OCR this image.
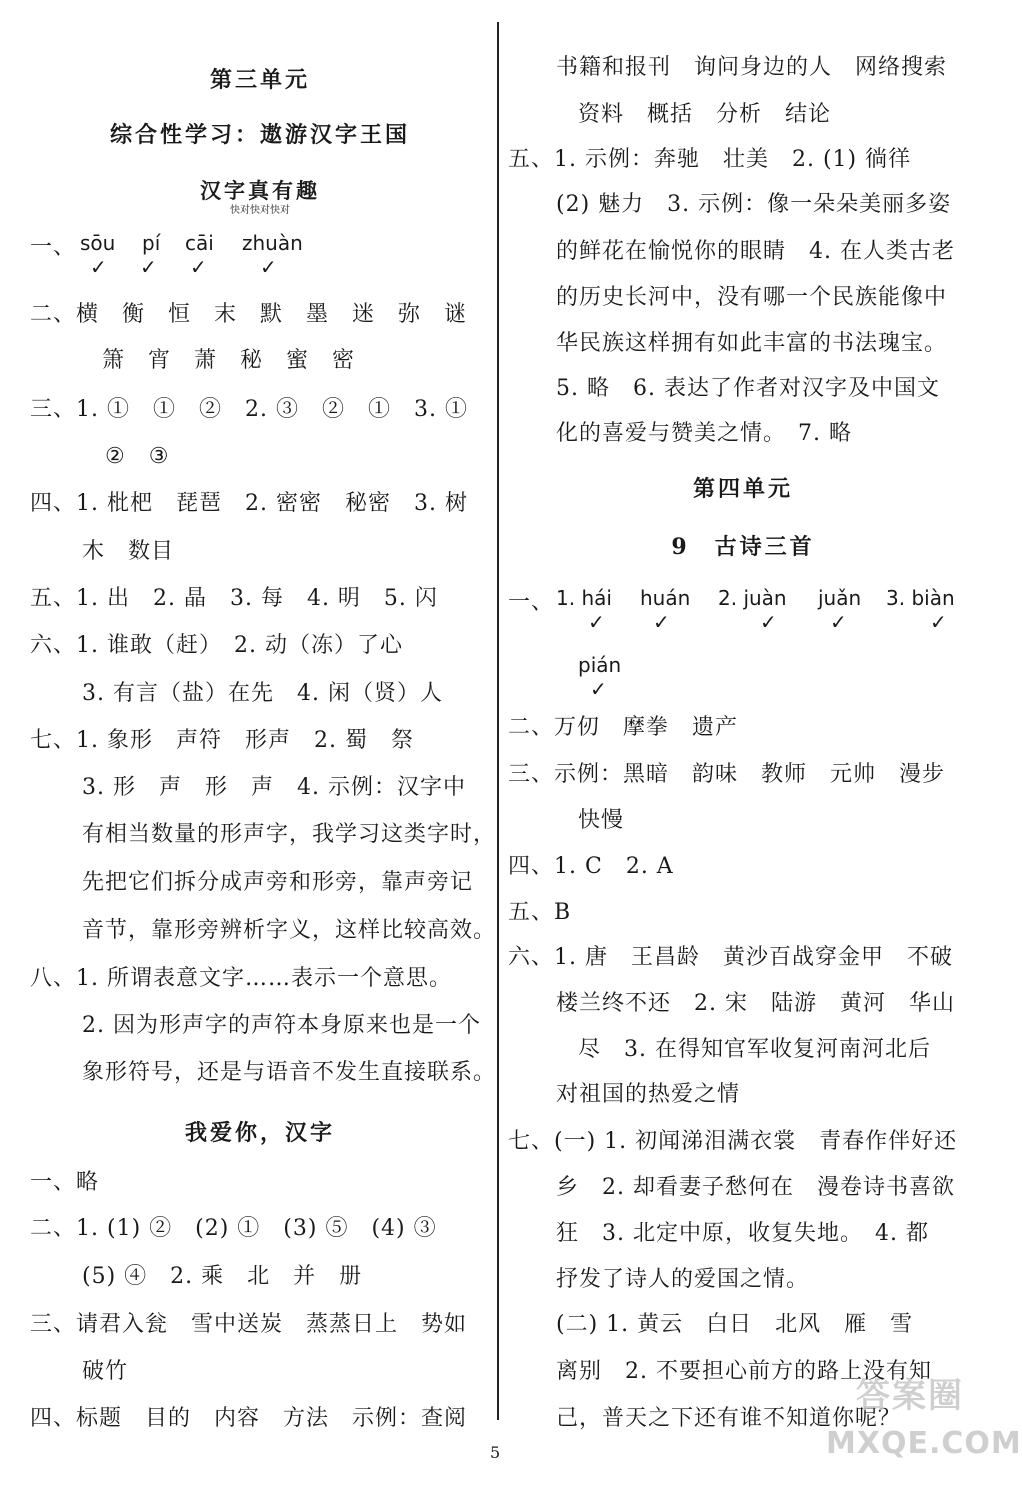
第三单元
综合性学习：遨游汉字王国
汉字真有趣
快对快对快对
一、 sōu pí cāi zhuàn
✓ ✓ ✓	✓
二、横　衡　恒　末　默　墨　迷　弥　谜
箫　宵　萧　秘　蜜　密
三、1. ①　①　②　2. ③　②　①　3. ①
②　③
四、1. 枇杷　琵琶　2. 密密　秘密　3. 树
木　数目
五、1. 出　2. 晶　3. 每　4. 明　5. 闪
六、1. 谁敢（赶）　2. 动（冻）了心
3. 有言（盐）在先　4. 闲（贤）人
七、1. 象形　声符　形声　2. 蜀　祭
3. 形　声　形　声　4. 示例：汉字中
有相当数量的形声字，我学习这类字时，
先把它们拆分成声旁和形旁，靠声旁记
音节，靠形旁辨析字义，这样比较高效。
八、1. 所谓表意文字……表示一个意思。
2. 因为形声字的声符本身原来也是一个
象形符号，还是与语音不发生直接联系。
我爱你，汉字
一、略
二、1. (1) ②　(2) ①　(3) ⑤　(4) ③
(5) ④　2. 乘　北　并　册
三、请君入瓮　雪中送炭　蒸蒸日上　势如
破竹
四、标题　目的　内容　方法　示例：查阅
书籍和报刊　询问身边的人　网络搜索
资料　概括　分析　结论
五、1. 示例：奔驰　壮美　2. (1) 徜徉
(2) 魅力　3. 示例：像一朵朵美丽多姿
的鲜花在愉悦你的眼睛　4. 在人类古老
的历史长河中，没有哪一个民族能像中
华民族这样拥有如此丰富的书法瑰宝。
5. 略　6. 表达了作者对汉字及中国文
化的喜爱与赞美之情。　7. 略
第四单元
9　古诗三首
一、 1. hái huán 2. juàn juǎn 3. biàn
✓ ✓	✓	✓	✓
pián
✓
二、万仞　摩拳　遗产
三、示例：黑暗　韵味　教师　元帅　漫步
快慢
四、1. C　2. A
五、B
六、1. 唐　王昌龄　黄沙百战穿金甲　不破
楼兰终不还　2. 宋　陆游　黄河　华山
尽　3. 在得知官军收复河南河北后
对祖国的热爱之情
七、(一) 1. 初闻涕泪满衣裳　青春作伴好还
乡　2. 却看妻子愁何在　漫卷诗书喜欲
狂　3. 北定中原，收复失地。　4. 都
抒发了诗人的爱国之情。
(二) 1. 黄云　白日　北风　雁　雪
离别　2. 不要担心前方的路上没有知
己，普天之下还有谁不知道你呢？
5
答案圈
MXQE.COM
